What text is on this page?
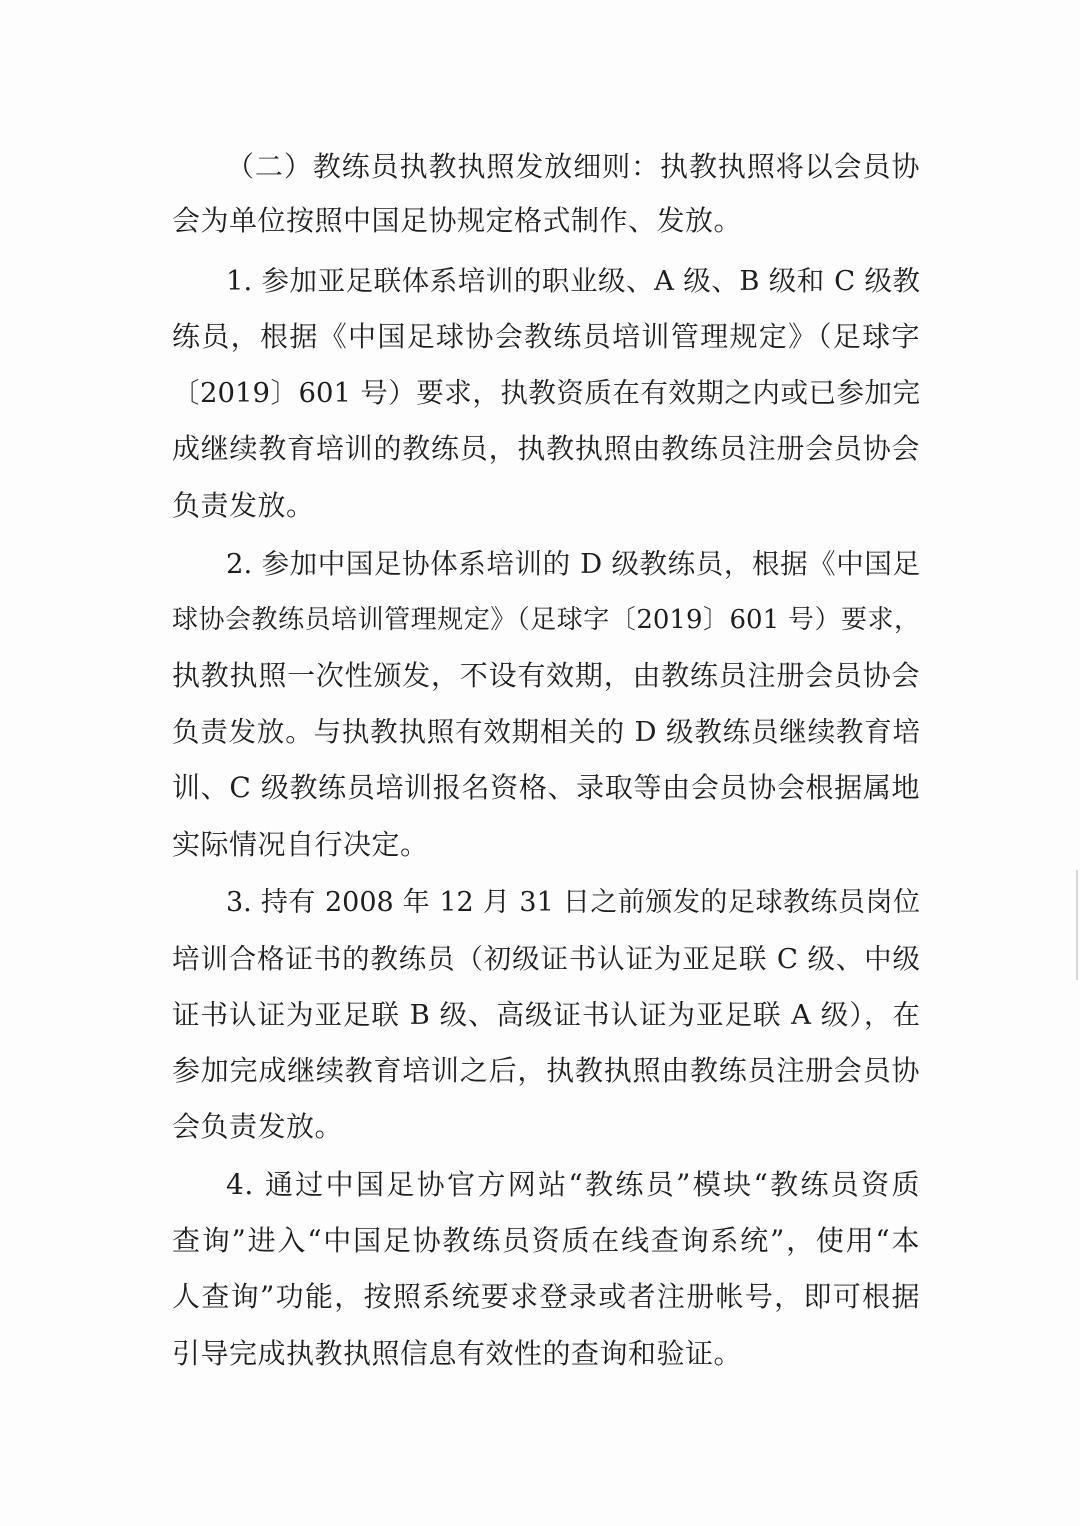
（二）教练员执教执照发放细则：执教执照将以会员协
会为单位按照中国足协规定格式制作、发放。
1. 参加亚足联体系培训的职业级、A 级、B 级和 C 级教
练员，根据《中国足球协会教练员培训管理规定》（足球字
〔2019〕601 号）要求，执教资质在有效期之内或已参加完
成继续教育培训的教练员，执教执照由教练员注册会员协会
负责发放。
2. 参加中国足协体系培训的 D 级教练员，根据《中国足
球协会教练员培训管理规定》（足球字〔2019〕601 号）要求，
执教执照一次性颁发，不设有效期，由教练员注册会员协会
负责发放。与执教执照有效期相关的 D 级教练员继续教育培
训、C 级教练员培训报名资格、录取等由会员协会根据属地
实际情况自行决定。
3. 持有 2008 年 12 月 31 日之前颁发的足球教练员岗位
培训合格证书的教练员（初级证书认证为亚足联 C 级、中级
证书认证为亚足联 B 级、高级证书认证为亚足联 A 级），在
参加完成继续教育培训之后，执教执照由教练员注册会员协
会负责发放。
4. 通过中国足协官方网站“教练员”模块“教练员资质
查询”进入“中国足协教练员资质在线查询系统”，使用“本
人查询”功能，按照系统要求登录或者注册帐号，即可根据
引导完成执教执照信息有效性的查询和验证。
